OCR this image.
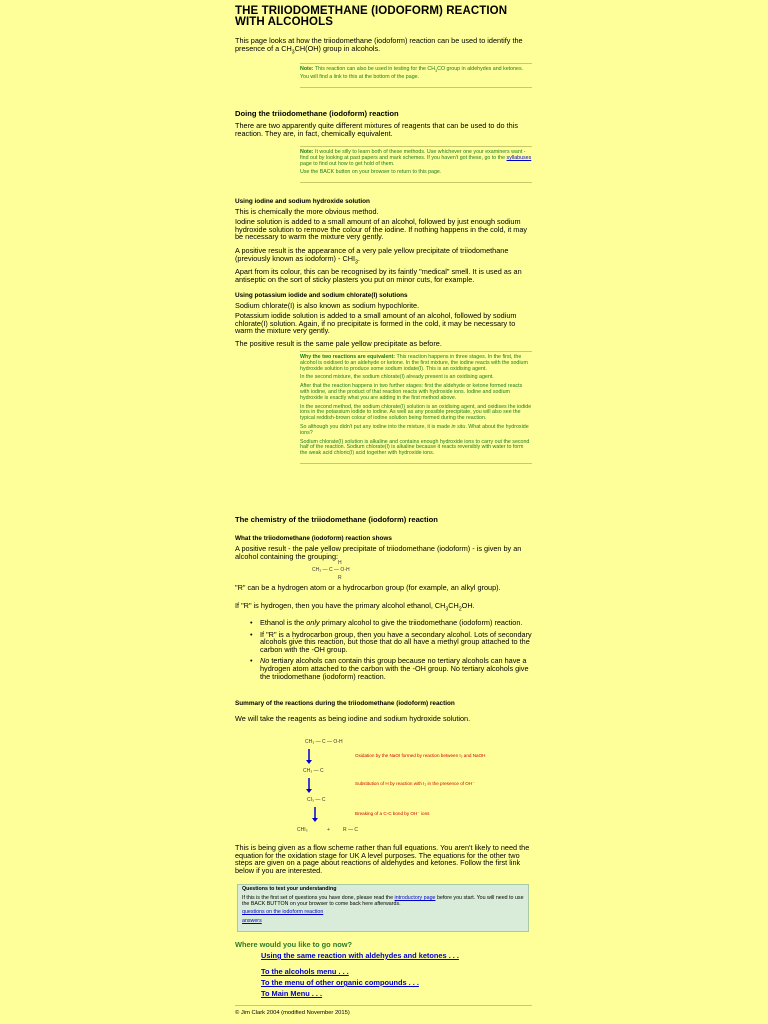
THE TRIIODOMETHANE (IODOFORM) REACTION WITH ALCOHOLS

This page looks at how the triiodomethane (iodoform) reaction can be used to identify the presence of a $CH_3CH(OH)$ group in alcohols.

Note: This reaction can also be used in testing for the $CH_3CO$ group in aldehydes and ketones. You will find a link to this at the bottom of the page.

Doing the triiodomethane (iodoform) reaction

There are two apparently quite different mixtures of reagents that can be used to do this reaction. They are, in fact, chemically equivalent.

Note: It would be silly to learn both of these methods. Use whichever one your examiners want - find out by looking at past papers and mark schemes. If you haven't got these, go to the syllabuses page to find out how to get hold of them.

Use the BACK button on your browser to return to this page.

Using iodine and sodium hydroxide solution

This is chemically the more obvious method.

Iodine solution is added to a small amount of an alcohol, followed by just enough sodium hydroxide solution to remove the colour of the iodine. If nothing happens in the cold, it may be necessary to warm the mixture very gently.

A positive result is the appearance of a very pale yellow precipitate of triiodomethane (previously known as iodoform) - $CHI_3$.

Apart from its colour, this can be recognised by its faintly "medical" smell. It is used as an antiseptic on the sort of sticky plasters you put on minor cuts, for example.

Using potassium iodide and sodium chlorate(I) solutions

Sodium chlorate(I) is also known as sodium hypochlorite.

Potassium iodide solution is added to a small amount of an alcohol, followed by sodium chlorate(I) solution. Again, if no precipitate is formed in the cold, it may be necessary to warm the mixture very gently.

The positive result is the same pale yellow precipitate as before.

Why the two reactions are equivalent: This reaction happens in three stages. In the first, the alcohol is oxidised to an aldehyde or ketone. In the first mixture, the iodine reacts with the sodium hydroxide solution to produce some sodium iodate(I). This is an oxidising agent.

In the second mixture, the sodium chlorate(I) already present is an oxidising agent.

After that the reaction happens in two further stages: first the aldehyde or ketone formed reacts with iodine, and the product of that reaction reacts with hydroxide ions. Iodine and sodium hydroxide is exactly what you are adding in the first method above.

In the second method, the sodium chlorate(I) solution is an oxidising agent, and oxidises the iodide ions in the potassium iodide to iodine. As well as any possible precipitate, you will also see the typical reddish-brown colour of iodine solution being formed during the reaction.

So although you didn't put any iodine into the mixture, it is made in situ. What about the hydroxide ions?

Sodium chlorate(I) solution is alkaline and contains enough hydroxide ions to carry out the second half of the reaction. Sodium chlorate(I) is alkaline because it reacts reversibly with water to form the weak acid chloric(I) acid together with hydroxide ions.

The chemistry of the triiodomethane (iodoform) reaction
What the triiodomethane (iodoform) reaction shows

A positive result - the pale yellow precipitate of triiodomethane (iodoform) - is given by an alcohol containing the grouping:

H
CH₃ — C — O-H
R

"R" can be a hydrogen atom or a hydrocarbon group (for example, an alkyl group).

If "R" is hydrogen, then you have the primary alcohol ethanol, $CH_3CH_2OH$.

• Ethanol is the only primary alcohol to give the triiodomethane (iodoform) reaction.
• If "R" is a hydrocarbon group, then you have a secondary alcohol. Lots of secondary alcohols give this reaction, but those that do all have a methyl group attached to the carbon with the -OH group.
• No tertiary alcohols can contain this group because no tertiary alcohols can have a hydrogen atom attached to the carbon with the -OH group. No tertiary alcohols give the triiodomethane (iodoform) reaction.
Summary of the reactions during the triiodomethane (iodoform) reaction

We will take the reagents as being iodine and sodium hydroxide solution.

CH₃ — C — O-H
Oxidation by the NaOI formed by reaction between I₂ and NaOH
CH₃ — C
Substitution of H by reaction with I₂ in the presence of OH⁻
CI₃ — C
Breaking of a C-C bond by OH⁻ ions
CHI₃	+	R — C

This is being given as a flow scheme rather than full equations. You aren't likely to need the equation for the oxidation stage for UK A level purposes. The equations for the other two steps are given on a page about reactions of aldehydes and ketones. Follow the first link below if you are interested.

Questions to test your understanding

If this is the first set of questions you have done, please read the introductory page before you start. You will need to use the BACK BUTTON on your browser to come back here afterwards.

questions on the iodoform reaction

answers

Where would you like to go now?

Using the same reaction with aldehydes and ketones . . .
To the alcohols menu . . .
To the menu of other organic compounds . . .
To Main Menu . . .
© Jim Clark 2004 (modified November 2015)
